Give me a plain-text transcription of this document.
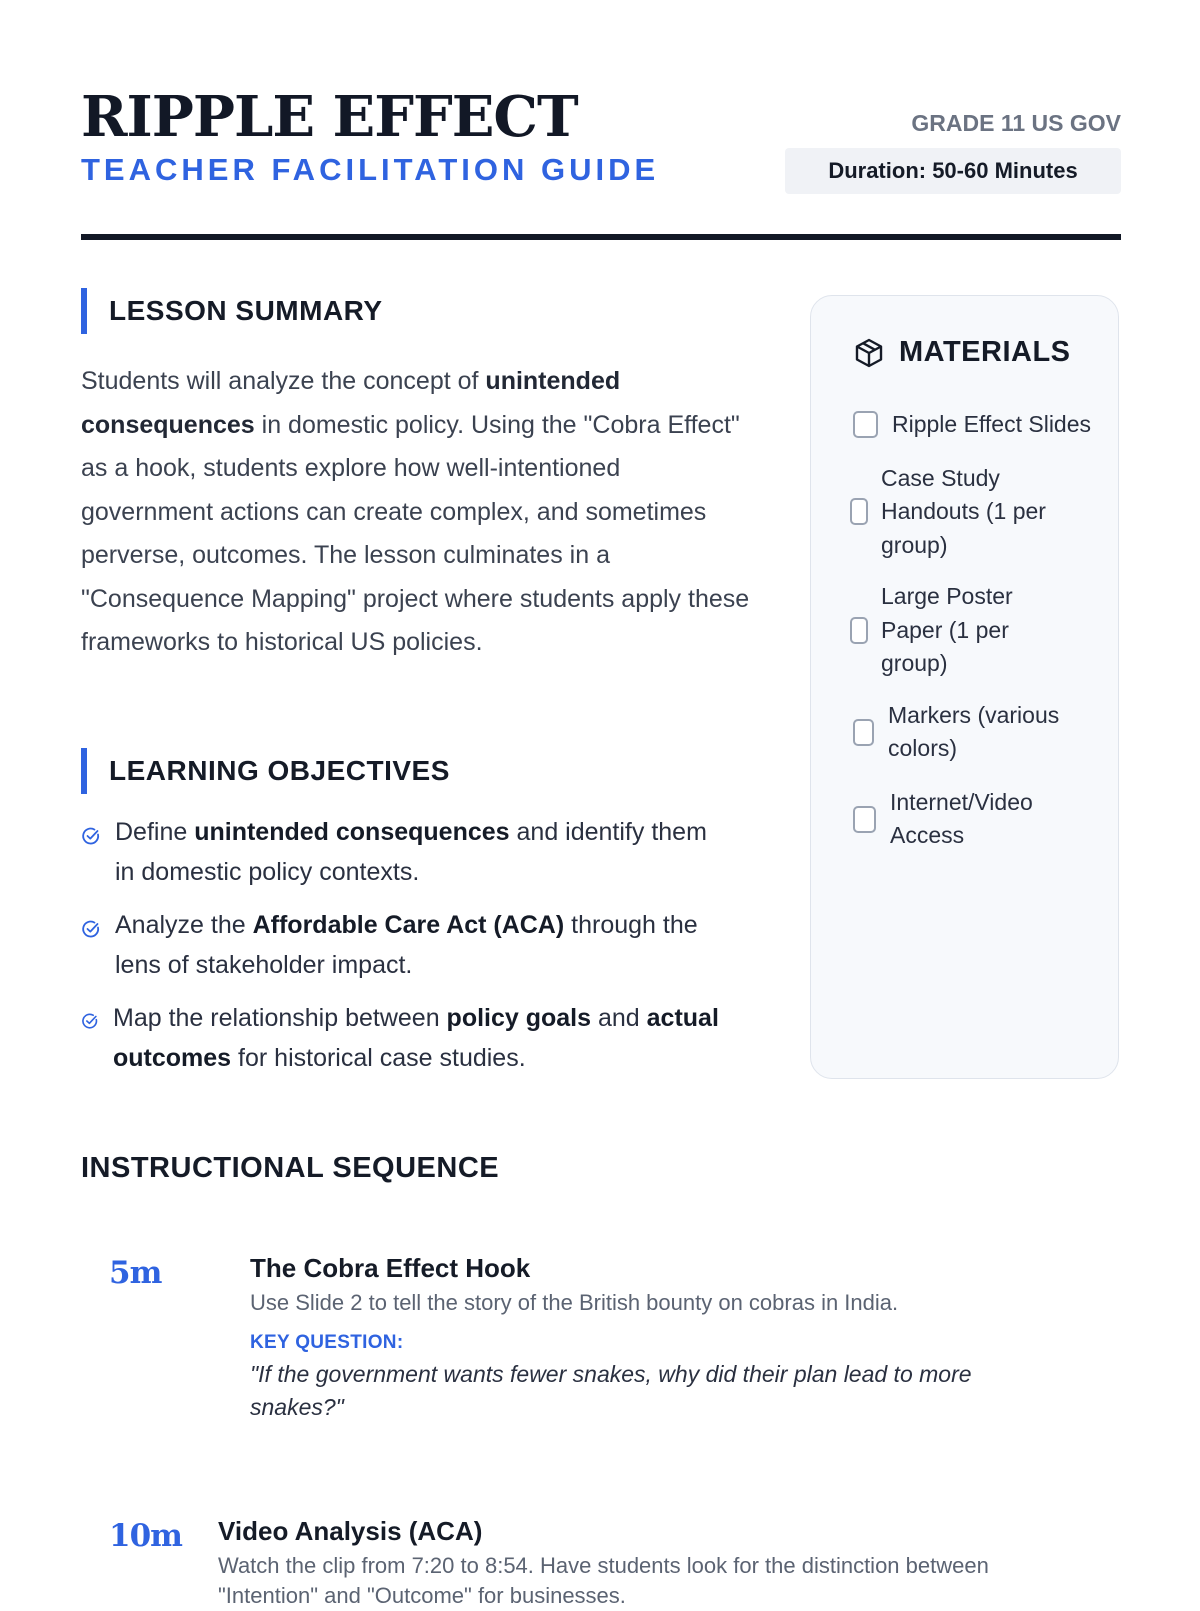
RIPPLE EFFECT
TEACHER FACILITATION GUIDE
GRADE 11 US GOV
Duration: 50-60 Minutes
LESSON SUMMARY

Students will analyze the concept of unintended consequences in domestic policy. Using the "Cobra Effect" as a hook, students explore how well-intentioned government actions can create complex, and sometimes perverse, outcomes. The lesson culminates in a "Consequence Mapping" project where students apply these frameworks to historical US policies.

LEARNING OBJECTIVES
Define unintended consequences and identify them in domestic policy contexts.
Analyze the Affordable Care Act (ACA) through the lens of stakeholder impact.
Map the relationship between policy goals and actual outcomes for historical case studies.
MATERIALS
Ripple Effect Slides
Case Study Handouts (1 per group)
Large Poster Paper (1 per group)
Markers (various colors)
Internet/Video Access
INSTRUCTIONAL SEQUENCE
5m	The Cobra Effect Hook
Use Slide 2 to tell the story of the British bounty on cobras in India.
KEY QUESTION:
"If the government wants fewer snakes, why did their plan lead to more snakes?"
10m Video Analysis (ACA)
Watch the clip from 7:20 to 8:54. Have students look for the distinction between "Intention" and "Outcome" for businesses.
